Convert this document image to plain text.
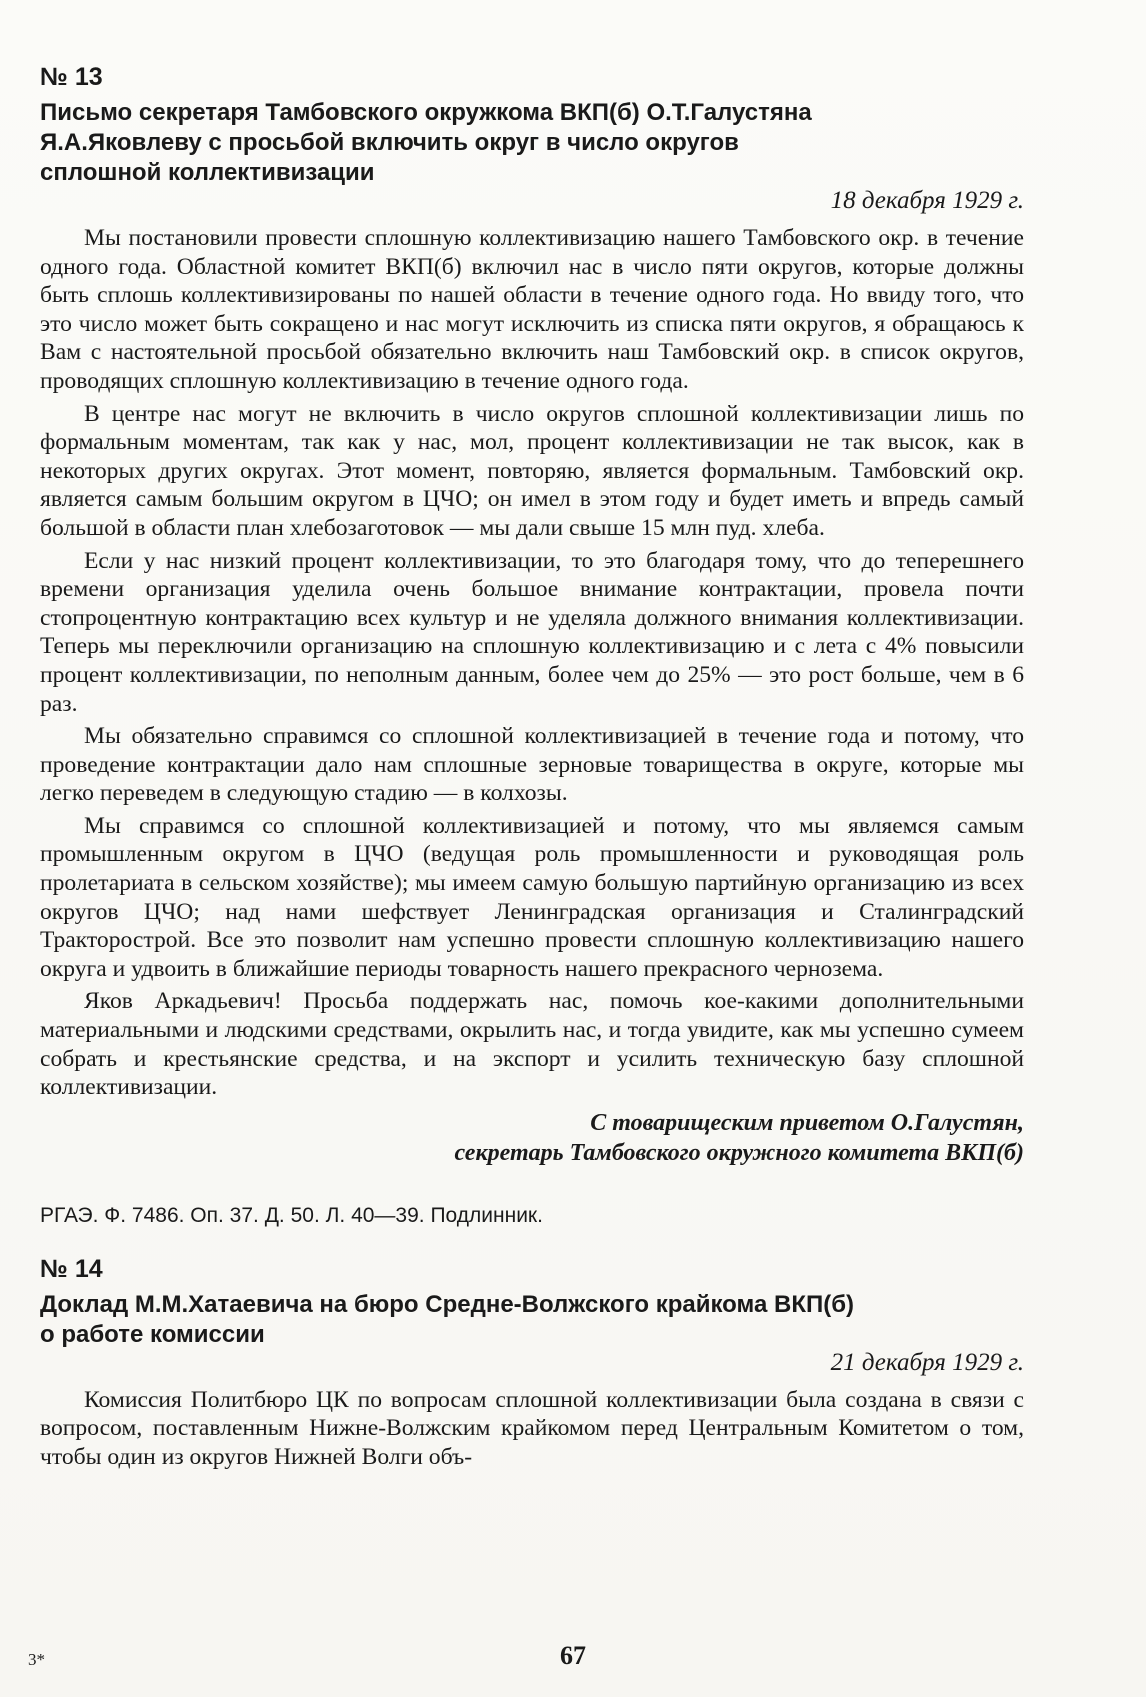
№ 13

Письмо секретаря Тамбовского окружкома ВКП(б) О.Т.Галустяна
Я.А.Яковлеву с просьбой включить округ в число округов
сплошной коллективизации

18 декабря 1929 г.

Мы постановили провести сплошную коллективизацию нашего Тамбовского окр. в течение одного года. Областной комитет ВКП(б) включил нас в число пяти округов, которые должны быть сплошь коллективизированы по нашей области в течение одного года. Но ввиду того, что это число может быть сокращено и нас могут исключить из списка пяти округов, я обращаюсь к Вам с настоятельной просьбой обязательно включить наш Тамбовский окр. в список округов, проводящих сплошную коллективизацию в течение одного года.

В центре нас могут не включить в число округов сплошной коллективизации лишь по формальным моментам, так как у нас, мол, процент коллективизации не так высок, как в некоторых других округах. Этот момент, повторяю, является формальным. Тамбовский окр. является самым большим округом в ЦЧО; он имел в этом году и будет иметь и впредь самый большой в области план хлебозаготовок — мы дали свыше 15 млн пуд. хлеба.

Если у нас низкий процент коллективизации, то это благодаря тому, что до теперешнего времени организация уделила очень большое внимание контрактации, провела почти стопроцентную контрактацию всех культур и не уделяла должного внимания коллективизации. Теперь мы переключили организацию на сплошную коллективизацию и с лета с 4% повысили процент коллективизации, по неполным данным, более чем до 25% — это рост больше, чем в 6 раз.

Мы обязательно справимся со сплошной коллективизацией в течение года и потому, что проведение контрактации дало нам сплошные зерновые товарищества в округе, которые мы легко переведем в следующую стадию — в колхозы.

Мы справимся со сплошной коллективизацией и потому, что мы являемся самым промышленным округом в ЦЧО (ведущая роль промышленности и руководящая роль пролетариата в сельском хозяйстве); мы имеем самую большую партийную организацию из всех округов ЦЧО; над нами шефствует Ленинградская организация и Сталинградский Тракторострой. Все это позволит нам успешно провести сплошную коллективизацию нашего округа и удвоить в ближайшие периоды товарность нашего прекрасного чернозема.

Яков Аркадьевич! Просьба поддержать нас, помочь кое-какими дополнительными материальными и людскими средствами, окрылить нас, и тогда увидите, как мы успешно сумеем собрать и крестьянские средства, и на экспорт и усилить техническую базу сплошной коллективизации.

С товарищеским приветом О.Галустян,

секретарь Тамбовского окружного комитета ВКП(б)

РГАЭ. Ф. 7486. Оп. 37. Д. 50. Л. 40—39. Подлинник.

№ 14

Доклад М.М.Хатаевича на бюро Средне-Волжского крайкома ВКП(б)
о работе комиссии

21 декабря 1929 г.

Комиссия Политбюро ЦК по вопросам сплошной коллективизации была создана в связи с вопросом, поставленным Нижне-Волжским крайкомом перед Центральным Комитетом о том, чтобы один из округов Нижней Волги объ-

3*	67
